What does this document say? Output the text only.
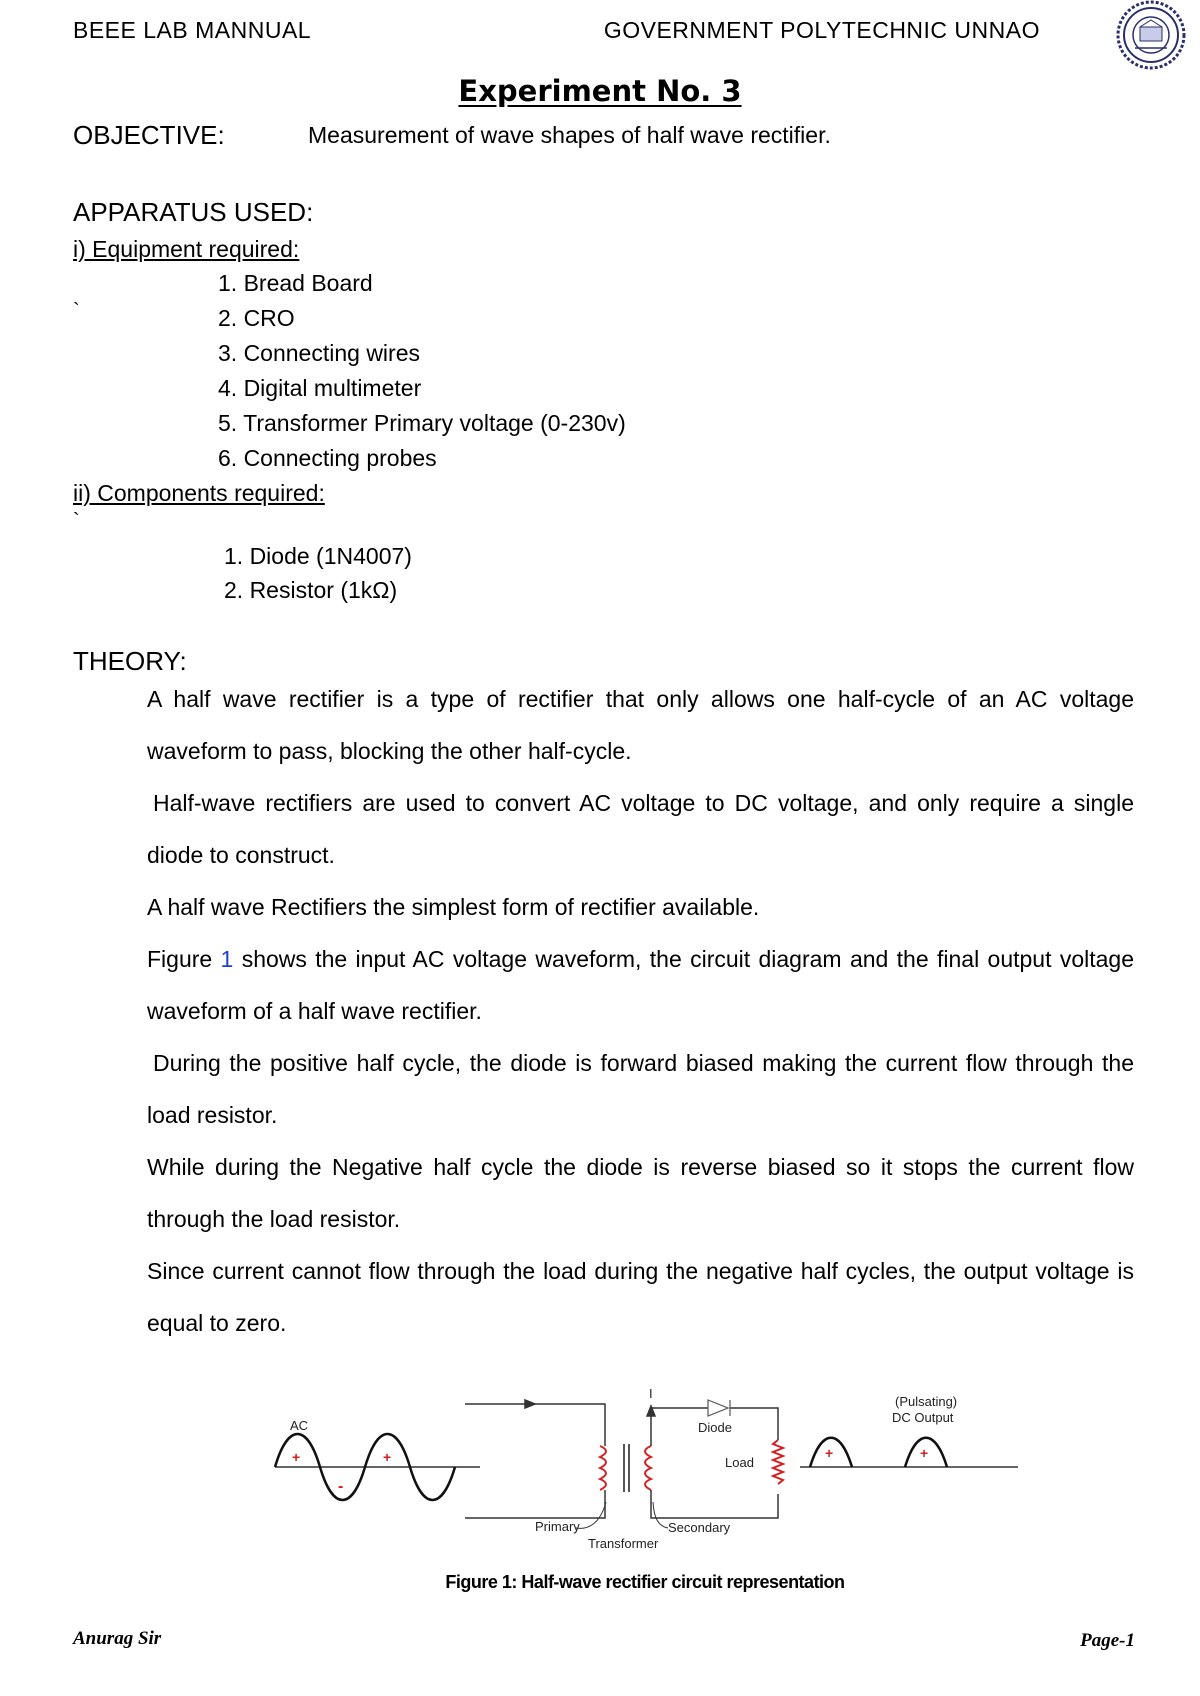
BEEE LAB MANNUAL	GOVERNMENT POLYTECHNIC UNNAO
Experiment No. 3
OBJECTIVE:	Measurement of wave shapes of half wave rectifier.
APPARATUS USED:
i) Equipment required:
1. Bread Board
`	2. CRO
3. Connecting wires
4. Digital multimeter
5. Transformer Primary voltage (0-230v)
6. Connecting probes
ii) Components required:
`
1. Diode (1N4007)
2. Resistor (1kΩ)
THEORY:
A half wave rectifier is a type of rectifier that only allows one half-cycle of an AC voltage waveform to pass, blocking the other half-cycle.
Half-wave rectifiers are used to convert AC voltage to DC voltage, and only require a single diode to construct.
A half wave Rectifiers the simplest form of rectifier available.
Figure 1 shows the input AC voltage waveform, the circuit diagram and the final output voltage waveform of a half wave rectifier.
During the positive half cycle, the diode is forward biased making the current flow through the load resistor.
While during the Negative half cycle the diode is reverse biased so it stops the current flow through the load resistor.
Since current cannot flow through the load during the negative half cycles, the output voltage is equal to zero.
AC
+
-
+
I
Diode
Load
Primary	Secondary
Transformer
+	+
(Pulsating)
DC Output
Figure 1: Half-wave rectifier circuit representation
Anurag Sir	Page-1
